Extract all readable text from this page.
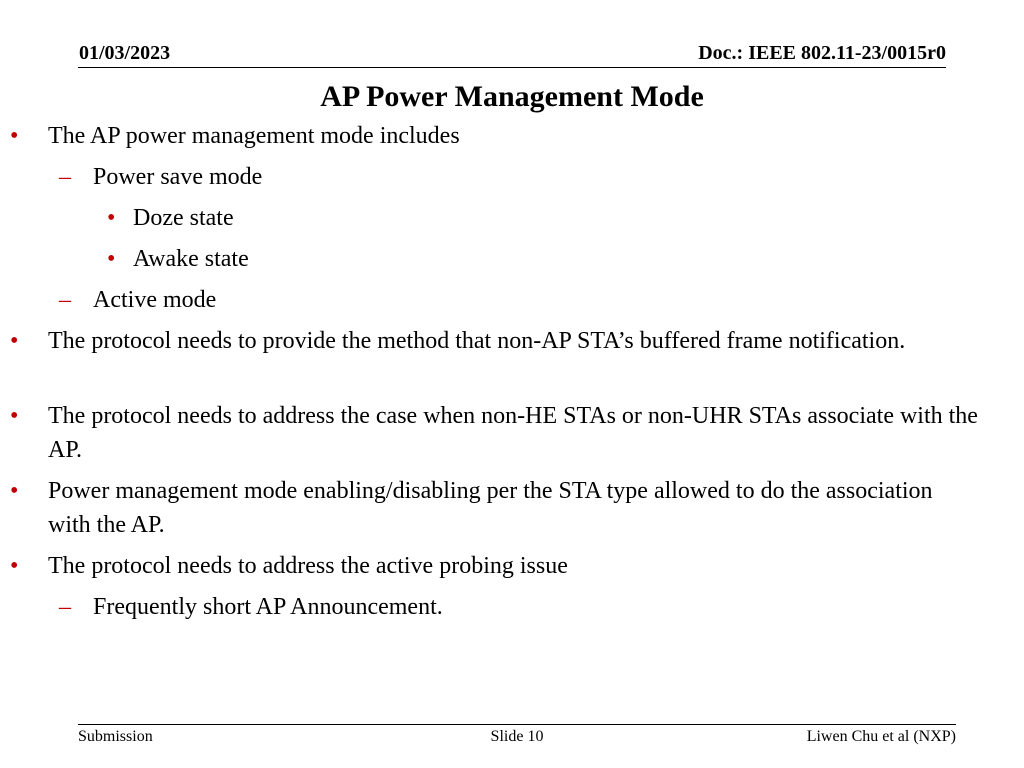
01/03/2023	Doc.: IEEE 802.11-23/0015r0
AP Power Management Mode
• The AP power management mode includes
– Power save mode
• Doze state
• Awake state
– Active mode
• The protocol needs to provide the method that non-AP STA’s buffered frame notification.
• The protocol needs to address the case when non-HE STAs or non-UHR STAs associate with the AP.
• Power management mode enabling/disabling per the STA type allowed to do the association with the AP.
• The protocol needs to address the active probing issue
– Frequently short AP Announcement.
Submission	Slide 10	Liwen Chu et al (NXP)
